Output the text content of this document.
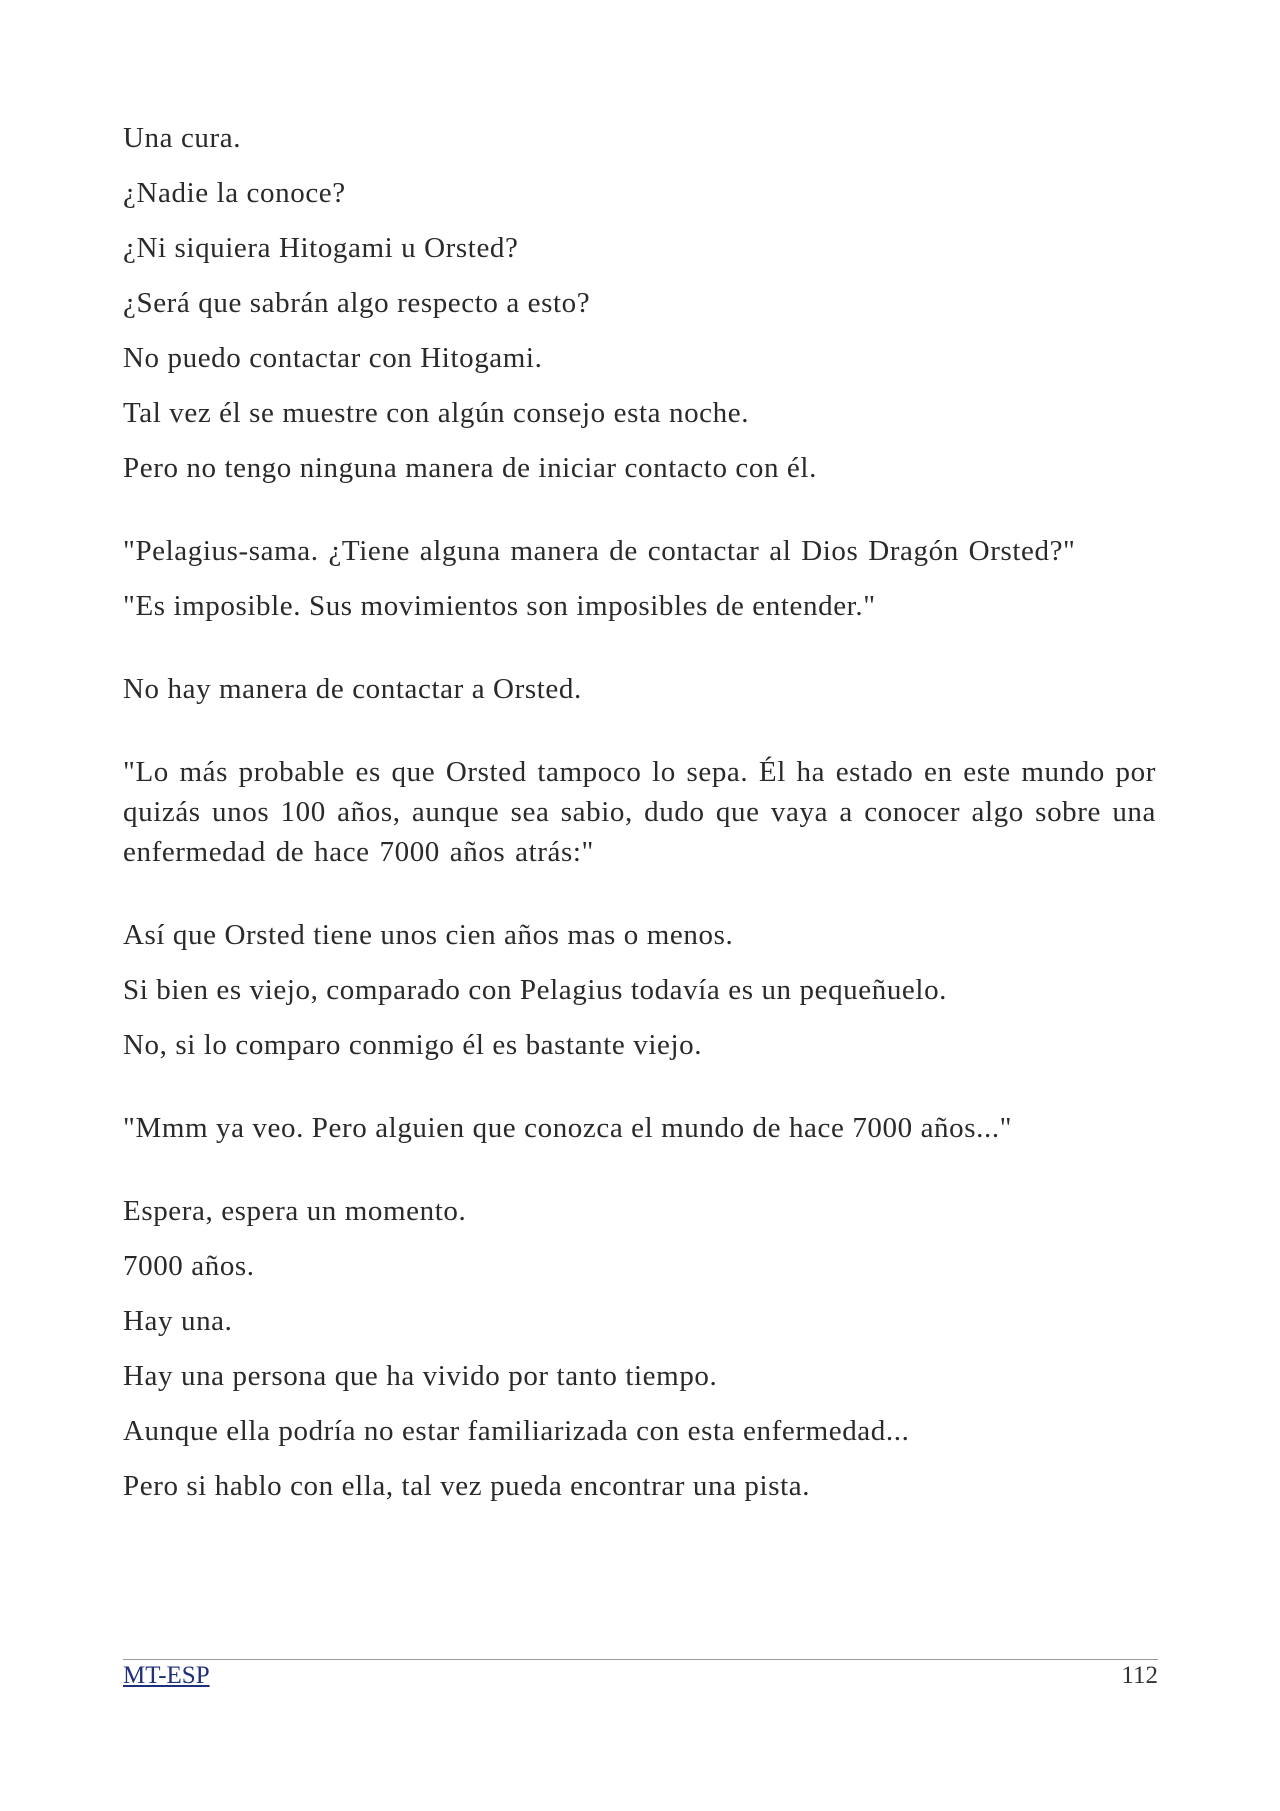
Una cura.

¿Nadie la conoce?

¿Ni siquiera Hitogami u Orsted?

¿Será que sabrán algo respecto a esto?

No puedo contactar con Hitogami.

Tal vez él se muestre con algún consejo esta noche.

Pero no tengo ninguna manera de iniciar contacto con él.

"Pelagius-sama. ¿Tiene alguna manera de contactar al Dios Dragón Orsted?"

"Es imposible. Sus movimientos son imposibles de entender."

No hay manera de contactar a Orsted.

"Lo más probable es que Orsted tampoco lo sepa. Él ha estado en este mundo por quizás unos 100 años, aunque sea sabio, dudo que vaya a conocer algo sobre una enfermedad de hace 7000 años atrás:"

Así que Orsted tiene unos cien años mas o menos.

Si bien es viejo, comparado con Pelagius todavía es un pequeñuelo.

No, si lo comparo conmigo él es bastante viejo.

"Mmm ya veo. Pero alguien que conozca el mundo de hace 7000 años..."

Espera, espera un momento.

7000 años.

Hay una.

Hay una persona que ha vivido por tanto tiempo.

Aunque ella podría no estar familiarizada con esta enfermedad...

Pero si hablo con ella, tal vez pueda encontrar una pista.

MT-ESP	112
